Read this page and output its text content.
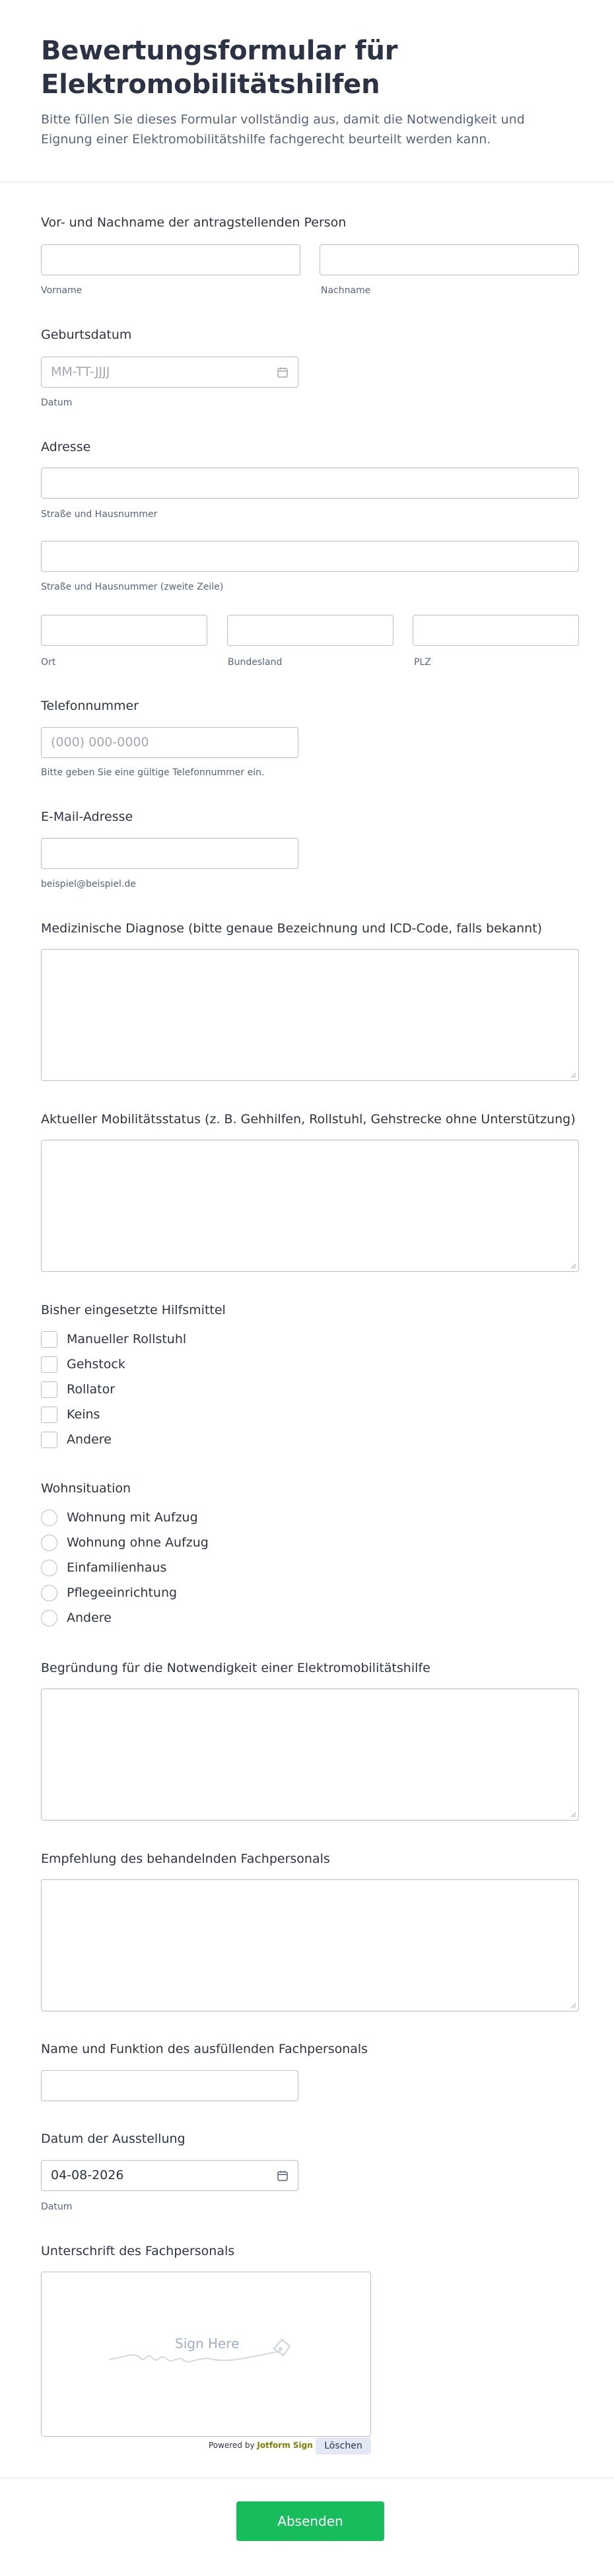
Bewertungsformular für
Elektromobilitätshilfen

Bitte füllen Sie dieses Formular vollständig aus, damit die Notwendigkeit und
Eignung einer Elektromobilitätshilfe fachgerecht beurteilt werden kann.

Vor- und Nachname der antragstellenden Person
Vorname	Nachname
Geburtsdatum
MM-TT-JJJJ
Datum
Adresse
Straße und Hausnummer
Straße und Hausnummer (zweite Zeile)
Ort	Bundesland	PLZ
Telefonnummer
(000) 000-0000
Bitte geben Sie eine gültige Telefonnummer ein.
E-Mail-Adresse
beispiel@beispiel.de
Medizinische Diagnose (bitte genaue Bezeichnung und ICD-Code, falls bekannt)
Aktueller Mobilitätsstatus (z. B. Gehhilfen, Rollstuhl, Gehstrecke ohne Unterstützung)
Bisher eingesetzte Hilfsmittel
Manueller Rollstuhl
Gehstock
Rollator
Keins
Andere
Wohnsituation
Wohnung mit Aufzug
Wohnung ohne Aufzug
Einfamilienhaus
Pflegeeinrichtung
Andere
Begründung für die Notwendigkeit einer Elektromobilitätshilfe
Empfehlung des behandelnden Fachpersonals
Name und Funktion des ausfüllenden Fachpersonals
Datum der Ausstellung
04-08-2026
Datum
Unterschrift des Fachpersonals
Sign Here
Powered by Jotform Sign	Löschen
Absenden
